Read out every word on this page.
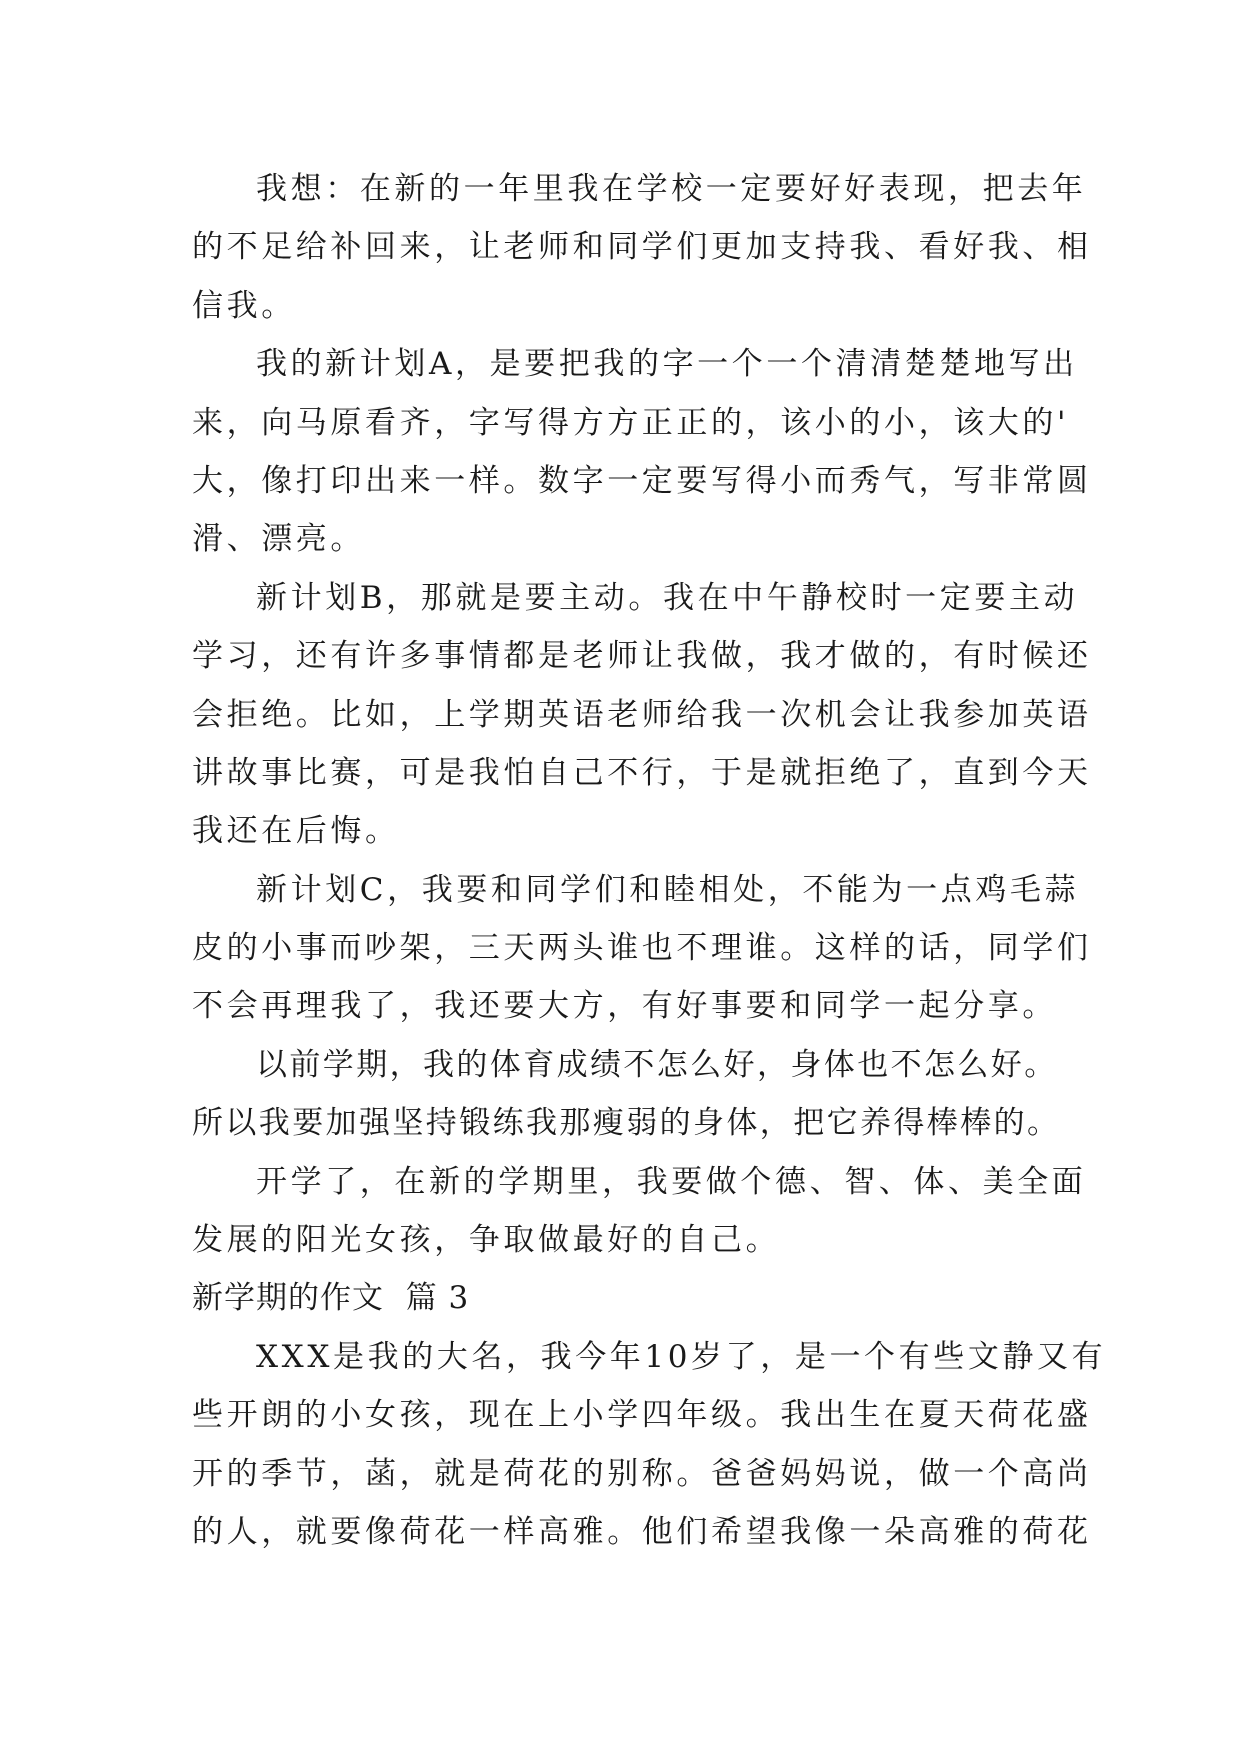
我想：在新的一年里我在学校一定要好好表现，把去年
的不足给补回来，让老师和同学们更加支持我、看好我、相
信我。
我的新计划A，是要把我的字一个一个清清楚楚地写出
来，向马原看齐，字写得方方正正的，该小的小，该大的'
大，像打印出来一样。数字一定要写得小而秀气，写非常圆
滑、漂亮。
新计划B，那就是要主动。我在中午静校时一定要主动
学习，还有许多事情都是老师让我做，我才做的，有时候还
会拒绝。比如，上学期英语老师给我一次机会让我参加英语
讲故事比赛，可是我怕自己不行，于是就拒绝了，直到今天
我还在后悔。
新计划C，我要和同学们和睦相处，不能为一点鸡毛蒜
皮的小事而吵架，三天两头谁也不理谁。这样的话，同学们
不会再理我了，我还要大方，有好事要和同学一起分享。
以前学期，我的体育成绩不怎么好，身体也不怎么好。
所以我要加强坚持锻练我那瘦弱的身体，把它养得棒棒的。
开学了，在新的学期里，我要做个德、智、体、美全面
发展的阳光女孩，争取做最好的自己。
新学期的作文  篇 3
XXX是我的大名，我今年10岁了，是一个有些文静又有
些开朗的小女孩，现在上小学四年级。我出生在夏天荷花盛
开的季节，菡，就是荷花的别称。爸爸妈妈说，做一个高尚
的人，就要像荷花一样高雅。他们希望我像一朵高雅的荷花
